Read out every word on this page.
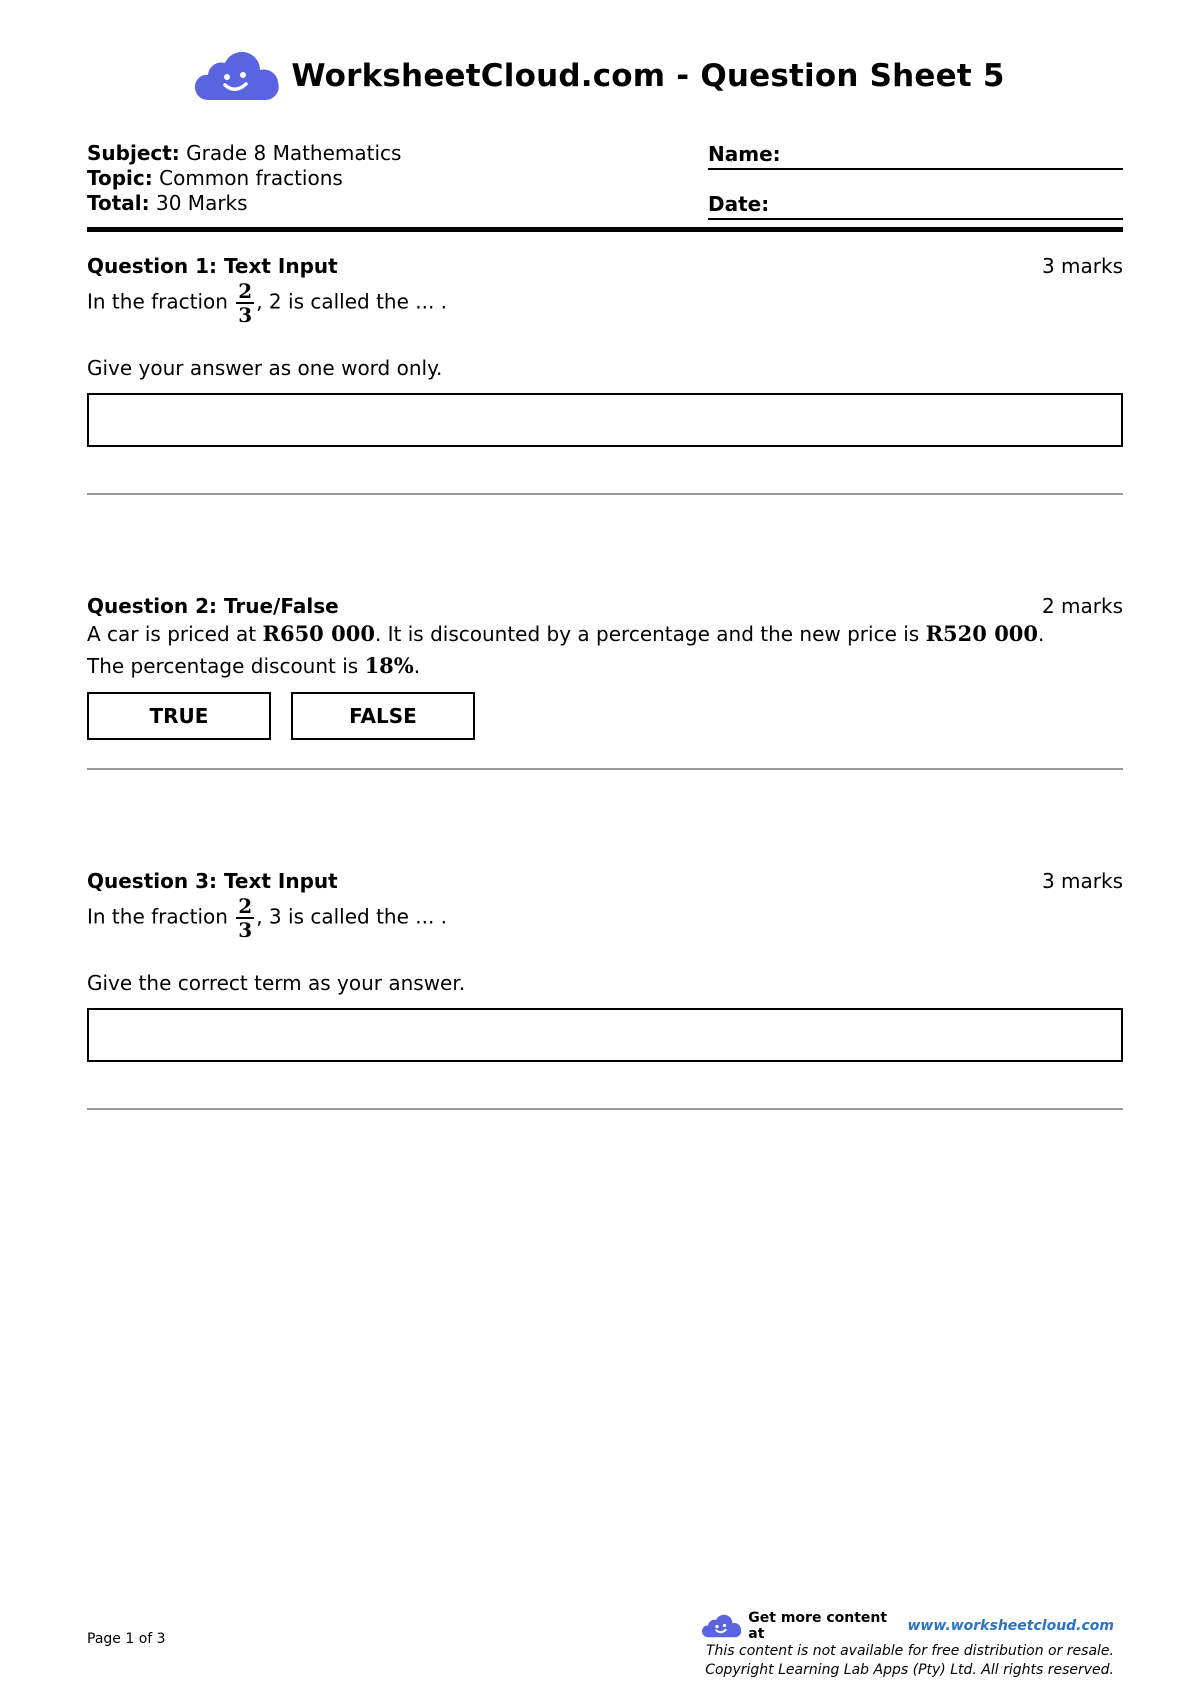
WorksheetCloud.com - Question Sheet 5
Subject: Grade 8 Mathematics
Topic: Common fractions
Total: 30 Marks
Name:
Date:
Question 1: Text Input	3 marks
In the fraction $\frac{2}{3}$ , 2 is called the ... .
Give your answer as one word only.
Question 2: True/False	2 marks
A car is priced at R650 000. It is discounted by a percentage and the new price is R520 000. The percentage discount is 18%.
TRUE	FALSE
Question 3: Text Input	3 marks
In the fraction $\frac{2}{3}$ , 3 is called the ... .
Give the correct term as your answer.
Page 1 of 3
Get more content at	www.worksheetcloud.com
This content is not available for free distribution or resale.
Copyright Learning Lab Apps (Pty) Ltd. All rights reserved.
